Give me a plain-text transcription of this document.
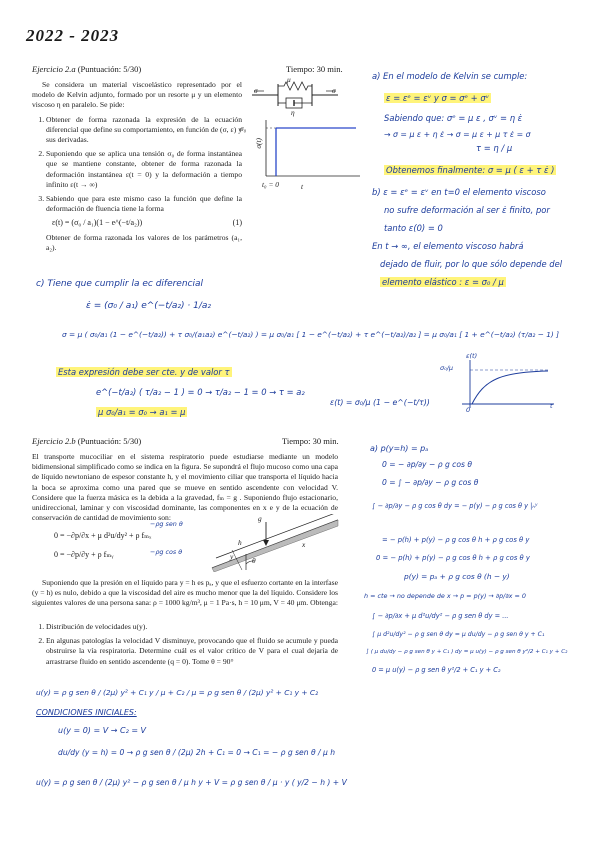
2022 - 2023
Ejercicio 2.a (Puntuación: 5/30)	Tiempo: 30 min.
Se considera un material viscoelástico representado por el modelo de Kelvin adjunto, formado por un resorte μ y un elemento viscoso η en paralelo. Se pide:
1. Obtener de forma razonada la expresión de la ecuación diferencial que define su comportamiento, en función de (σ, ε) y sus derivadas.
2. Suponiendo que se aplica una tensión σ₀ de forma instantánea que se mantiene constante, obtener de forma razonada la deformación instantánea ε(t = 0) y la deformación a tiempo infinito ε(t → ∞)
3. Sabiendo que para este mismo caso la función que define la deformación de fluencia tiene la forma
ε(t) = (σ₀ / a₁)(1 − e^(−t/a₂))	(1)
Obtener de forma razonada los valores de los parámetros (a₁, a₂).
μ
η
σ	σ
σ₀
σ(t)
t₀ = 0	t
a) En el modelo de Kelvin se cumple:
ε = εᵉ = εᵛ y σ = σᵉ + σᵛ
Sabiendo que: σᵉ = μ ε , σᵛ = η ε̇
→ σ = μ ε + η ε̇ → σ = μ ε + μ τ ε̇ = σ
τ = η / μ
Obtenemos finalmente: σ = μ ( ε + τ ε̇ )
b) ε = εᵉ = εᵛ en t=0 el elemento viscoso
no sufre deformación al ser ε̇ finito, por
tanto ε(0) = 0
En t → ∞, el elemento viscoso habrá
dejado de fluir, por lo que sólo depende del
elemento elástico : ε = σ₀ / μ
c) Tiene que cumplir la ec diferencial
ε̇ = (σ₀ / a₁) e^(−t/a₂) · 1/a₂
σ = μ ( σ₀/a₁ (1 − e^(−t/a₂)) + τ σ₀/(a₁a₂) e^(−t/a₂) ) = μ σ₀/a₁ [ 1 − e^(−t/a₂) + τ e^(−t/a₂)/a₂ ] = μ σ₀/a₁ [ 1 + e^(−t/a₂) (τ/a₂ − 1) ]
Esta expresión debe ser cte. y de valor τ
e^(−t/a₂) ( τ/a₂ − 1 ) = 0 → τ/a₂ − 1 = 0 → τ = a₂
μ σ₀/a₁ = σ₀ → a₁ = μ
ε(t) = σ₀/μ (1 − e^(−t/τ))
ε(t)
σ₀/μ
0	t
Ejercicio 2.b (Puntuación: 5/30)	Tiempo: 30 min.
El transporte mucociliar en el sistema respiratorio puede estudiarse mediante un modelo bidimensional simplificado como se indica en la figura. Se supondrá el flujo mucoso como una capa de líquido newtoniano de espesor constante h, y el movimiento ciliar que transporta el líquido hacia la boca se aproxima como una pared que se mueve en sentido ascendente con velocidad V. Considere que la fuerza másica es la debida a la gravedad, fₘ = g . Suponiendo flujo estacionario, unidireccional, laminar y con viscosidad dominante, las componentes en x e y de la ecuación de conservación de cantidad de movimiento son:
0 = −∂p/∂x + μ d²u/dy² + ρ fₘₓ
0 = −∂p/∂y + ρ fₘᵧ
−ρg sen θ
−ρg cos θ
g
y
h
θ
x
Suponiendo que la presión en el líquido para y = h es pₐ, y que el esfuerzo cortante en la interfase (y = h) es nulo, debido a que la viscosidad del aire es mucho menor que la del líquido. Considere los siguientes valores de una persona sana: ρ = 1000 kg/m³, μ = 1 Pa·s, h = 10 μm, V = 40 μm. Obtenga:
1. Distribución de velocidades u(y).
2. En algunas patologías la velocidad V disminuye, provocando que el fluido se acumule y pueda obstruirse la vía respiratoria. Determine cuál es el valor crítico de V para el cual dejaría de arrastrarse fluido en sentido ascendente (q = 0). Tome θ = 90°
a) p(y=h) = pₐ
0 = − ∂p/∂y − ρ g cos θ
0 = ∫ − ∂p/∂y − ρ g cos θ
∫ − ∂p/∂y − ρ g cos θ dy = − p(y) − ρ g cos θ y |ₕʸ
= − p(h) + p(y) − ρ g cos θ h + ρ g cos θ y
0 = − p(h) + p(y) − ρ g cos θ h + ρ g cos θ y
p(y) = pₐ + ρ g cos θ (h − y)
h = cte → no depende de x → p = p(y) → ∂p/∂x = 0
∫ − ∂p/∂x + μ d²u/dy² − ρ g sen θ dy = ...
∫ μ d²u/dy² − ρ g sen θ dy = μ du/dy − ρ g sen θ y + C₁
∫ ( μ du/dy − ρ g sen θ y + C₁ ) dy = μ u(y) − ρ g sen θ y²/2 + C₁ y + C₂
0 = μ u(y) − ρ g sen θ y²/2 + C₁ y + C₂
u(y) = ρ g sen θ / (2μ) y² + C₁ y / μ + C₂ / μ = ρ g sen θ / (2μ) y² + C₁ y + C₂
CONDICIONES INICIALES:
u(y = 0) = V → C₂ = V
du/dy (y = h) = 0 → ρ g sen θ / (2μ) 2h + C₁ = 0 → C₁ = − ρ g sen θ / μ h
u(y) = ρ g sen θ / (2μ) y² − ρ g sen θ / μ h y + V = ρ g sen θ / μ · y ( y/2 − h ) + V
